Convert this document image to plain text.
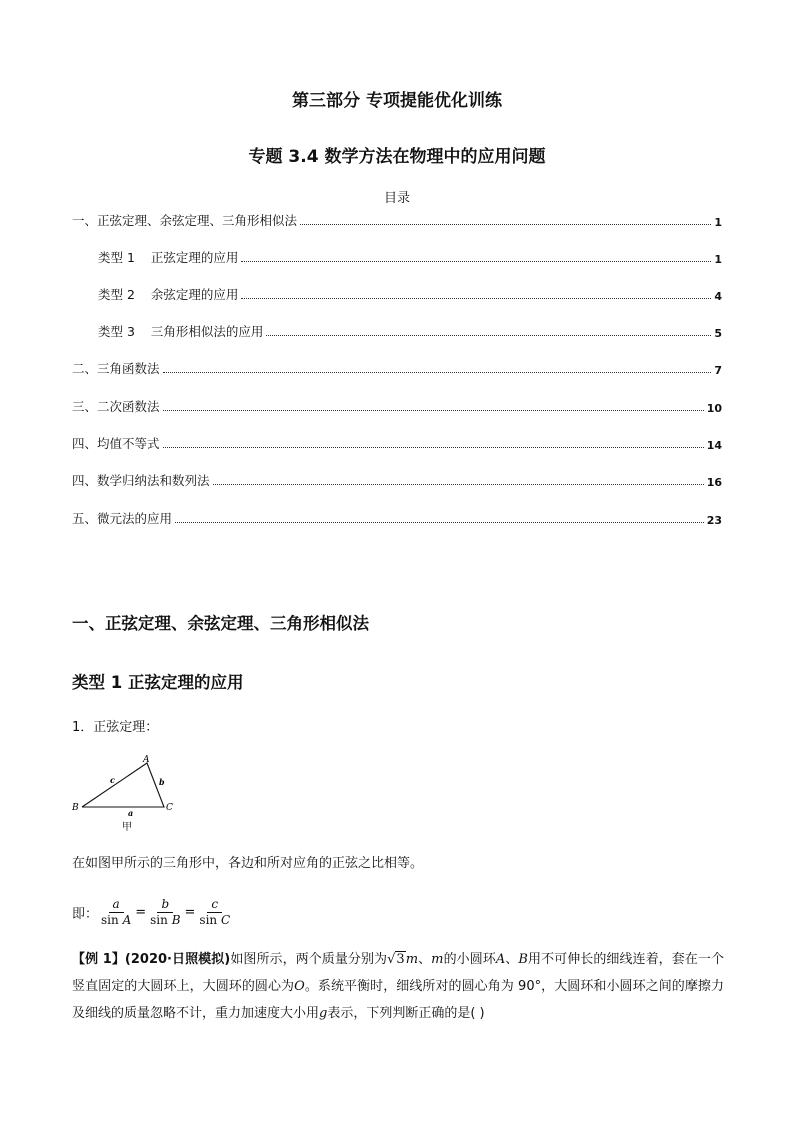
第三部分 专项提能优化训练
专题 3.4 数学方法在物理中的应用问题
目录
一、正弦定理、余弦定理、三角形相似法	1
类型 1    正弦定理的应用	1
类型 2    余弦定理的应用	4
类型 3    三角形相似法的应用	5
二、三角函数法	7
三、二次函数法	10
四、均值不等式	14
四、数学归纳法和数列法	16
五、微元法的应用	23
一、正弦定理、余弦定理、三角形相似法
类型 1 正弦定理的应用
1．正弦定理：
A
B	C
c	b
a
甲
在如图甲所示的三角形中，各边和所对应角的正弦之比相等。
即： $\frac{a}{\text{sin A}} = \frac{b}{\text{sin B}} = \frac{c}{\text{sin C}}$
【例 1】(2020·日照模拟)如图所示，两个质量分别为√3m、m的小圆环A、B用不可伸长的细线连着，套在一个竖直固定的大圆环上，大圆环的圆心为O。系统平衡时，细线所对的圆心角为 90°，大圆环和小圆环之间的摩擦力及细线的质量忽略不计，重力加速度大小用g表示，下列判断正确的是( )
